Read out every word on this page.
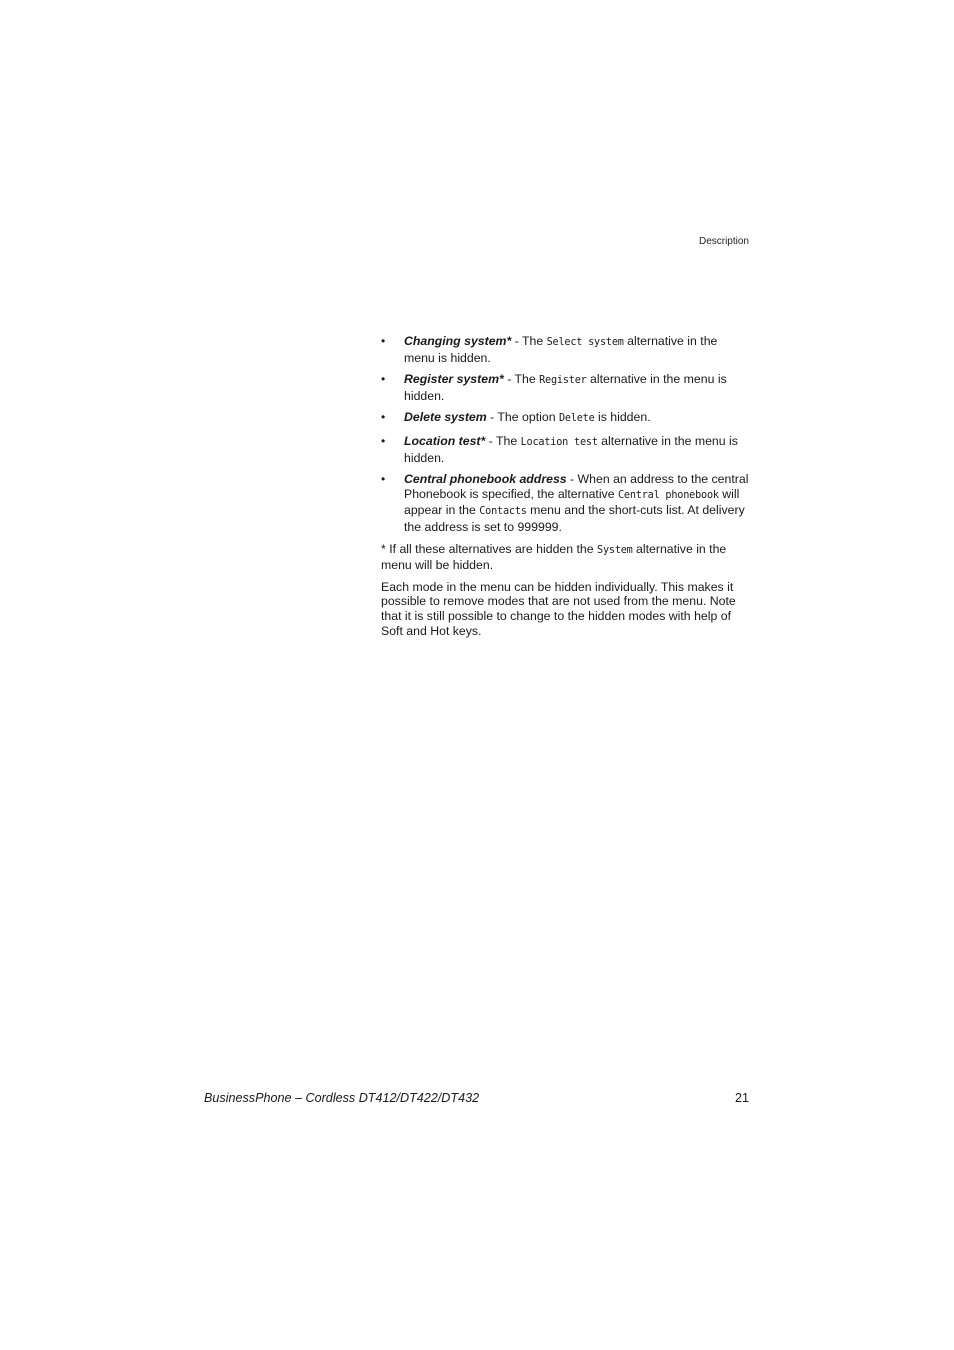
Description
• Changing system* - The Select system alternative in the menu is hidden.
• Register system* - The Register alternative in the menu is hidden.
• Delete system - The option Delete is hidden.
• Location test* - The Location test alternative in the menu is hidden.
• Central phonebook address - When an address to the central Phonebook is specified, the alternative Central phonebook will appear in the Contacts menu and the short-cuts list. At delivery the address is set to 999999.

* If all these alternatives are hidden the System alternative in the menu will be hidden.

Each mode in the menu can be hidden individually. This makes it possible to remove modes that are not used from the menu. Note that it is still possible to change to the hidden modes with help of Soft and Hot keys.

BusinessPhone – Cordless DT412/DT422/DT432	21
